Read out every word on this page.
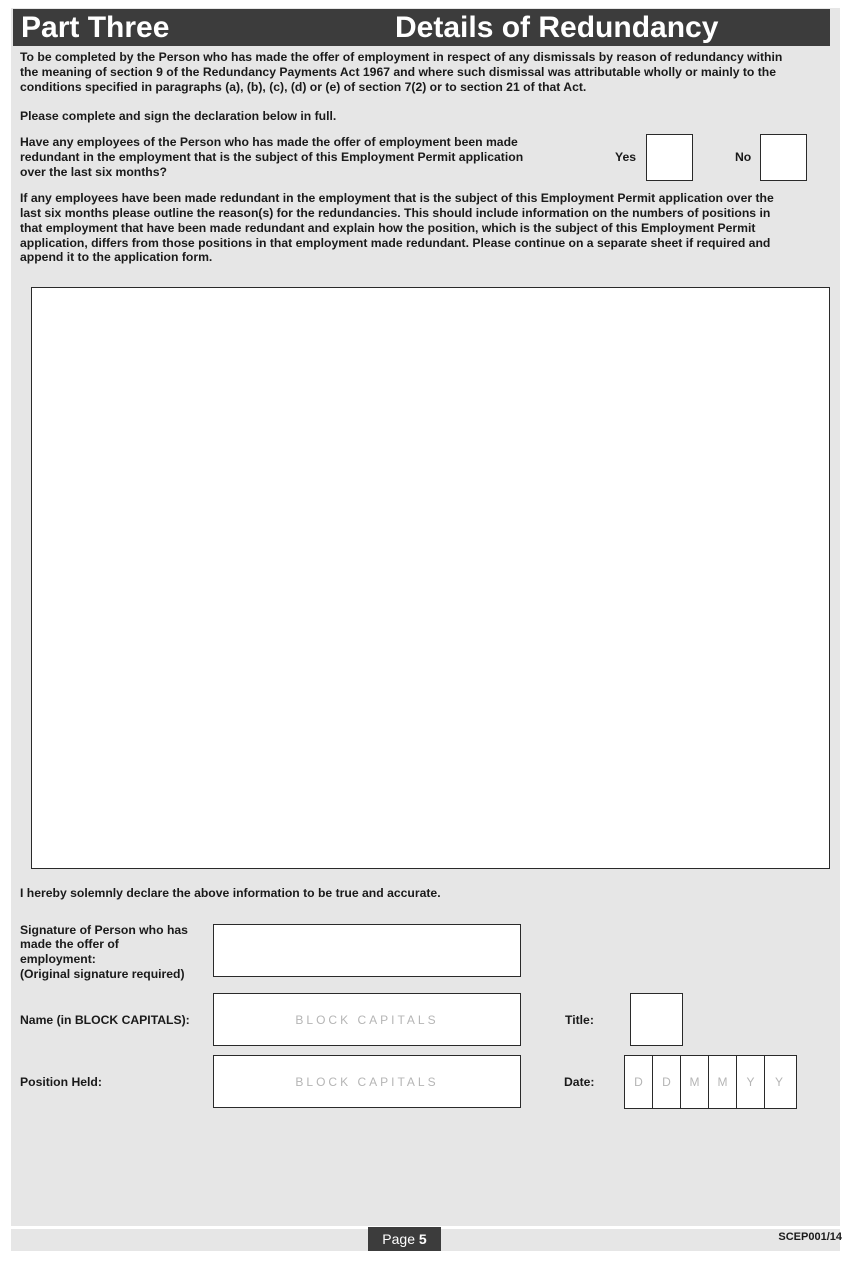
Part Three	Details of Redundancy
To be completed by the Person who has made the offer of employment in respect of any dismissals by reason of redundancy within
the meaning of section 9 of the Redundancy Payments Act 1967 and where such dismissal was attributable wholly or mainly to the
conditions specified in paragraphs (a), (b), (c), (d) or (e) of section 7(2) or to section 21 of that Act.
Please complete and sign the declaration below in full.
Have any employees of the Person who has made the offer of employment been made
redundant in the employment that is the subject of this Employment Permit application
over the last six months?
Yes	No
If any employees have been made redundant in the employment that is the subject of this Employment Permit application over the
last six months please outline the reason(s) for the redundancies. This should include information on the numbers of positions in
that employment that have been made redundant and explain how the position, which is the subject of this Employment Permit
application, differs from those positions in that employment made redundant. Please continue on a separate sheet if required and
append it to the application form.
I hereby solemnly declare the above information to be true and accurate.
Signature of Person who has
made the offer of
employment:
(Original signature required)
Name (in BLOCK CAPITALS):	BLOCK CAPITALS	Title:
Position Held:	BLOCK CAPITALS	Date:	D	D	M	M	Y	Y
Page 5	SCEP001/14
